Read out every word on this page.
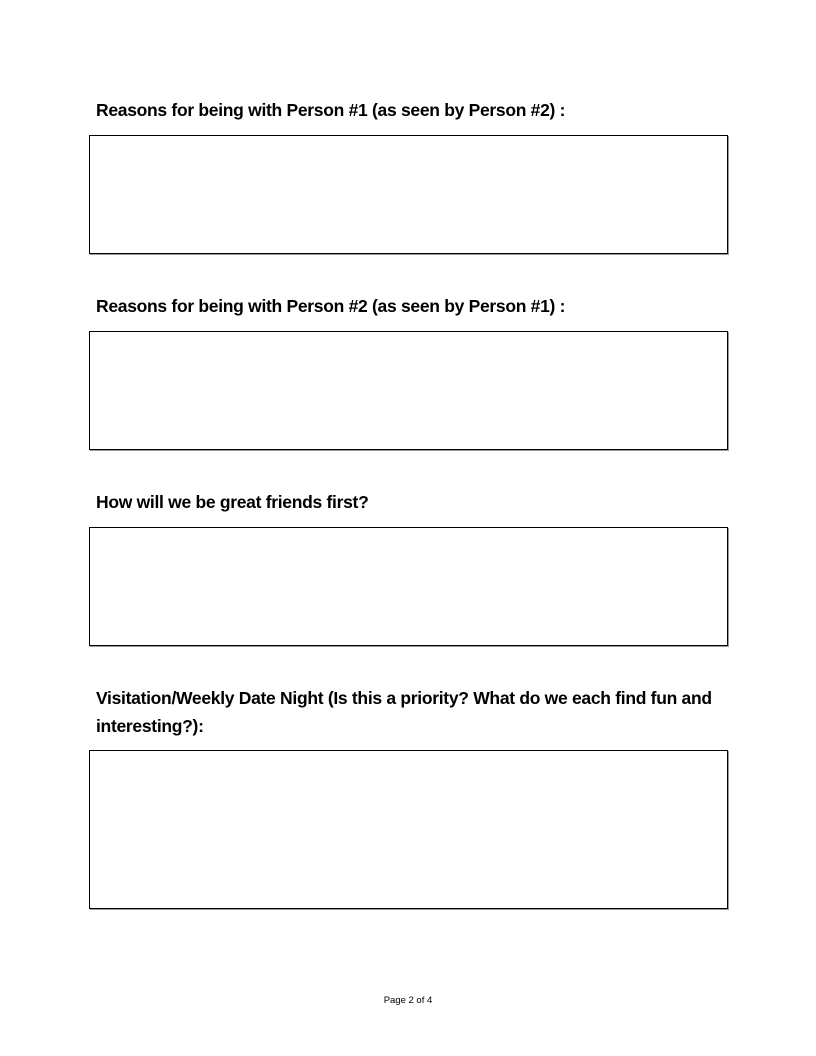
Reasons for being with Person #1 (as seen by Person #2) :
Reasons for being with Person #2 (as seen by Person #1) :
How will we be great friends first?
Visitation/Weekly Date Night (Is this a priority? What do we each find fun and interesting?):
Page 2 of 4
